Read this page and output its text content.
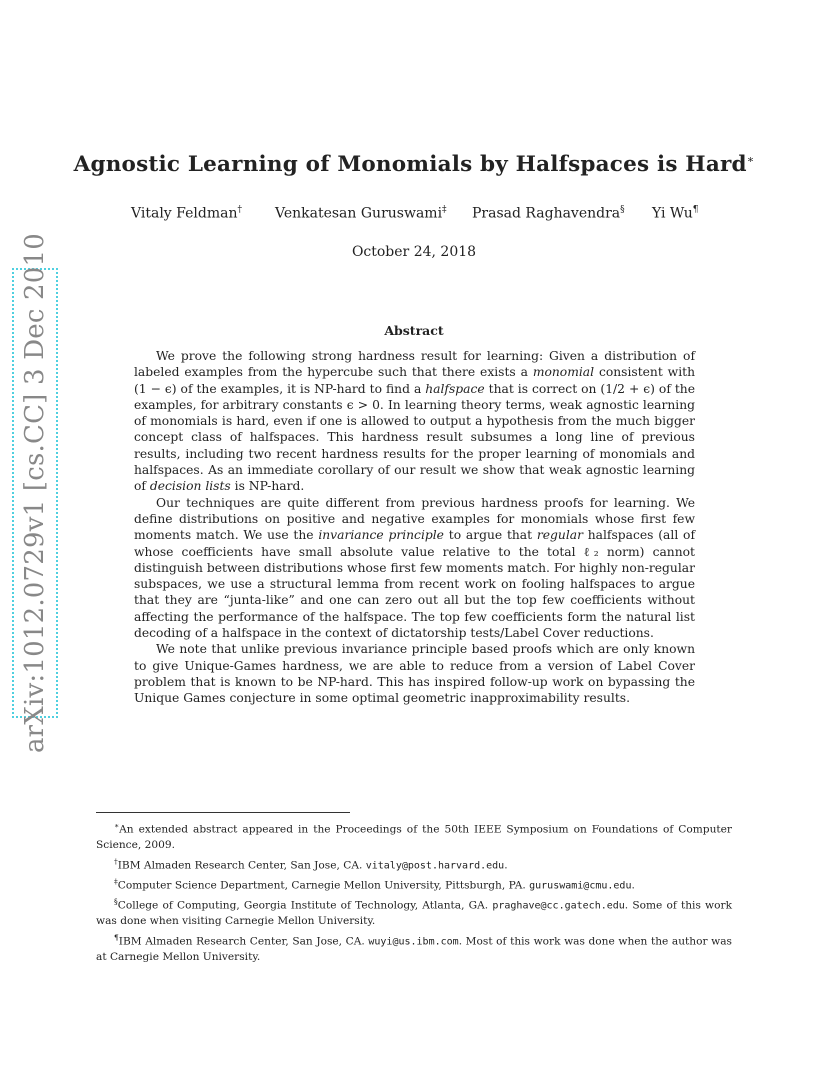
arXiv:1012.0729v1 [cs.CC] 3 Dec 2010
Agnostic Learning of Monomials by Halfspaces is Hard∗
Vitaly Feldman† Venkatesan Guruswami‡ Prasad Raghavendra§ Yi Wu¶
October 24, 2018
Abstract

We prove the following strong hardness result for learning: Given a distribution of labeled examples from the hypercube such that there exists a monomial consistent with (1 − ϵ) of the examples, it is NP-hard to find a halfspace that is correct on (1/2 + ϵ) of the examples, for arbitrary constants ϵ > 0. In learning theory terms, weak agnostic learning of monomials is hard, even if one is allowed to output a hypothesis from the much bigger concept class of halfspaces. This hardness result subsumes a long line of previous results, including two recent hardness results for the proper learning of monomials and halfspaces. As an immediate corollary of our result we show that weak agnostic learning of decision lists is NP-hard.

Our techniques are quite different from previous hardness proofs for learning. We define distributions on positive and negative examples for monomials whose first few moments match. We use the invariance principle to argue that regular halfspaces (all of whose coefficients have small absolute value relative to the total ℓ₂ norm) cannot distinguish between distributions whose first few moments match. For highly non-regular subspaces, we use a structural lemma from recent work on fooling halfspaces to argue that they are “junta-like” and one can zero out all but the top few coefficients without affecting the performance of the halfspace. The top few coefficients form the natural list decoding of a halfspace in the context of dictatorship tests/Label Cover reductions.

We note that unlike previous invariance principle based proofs which are only known to give Unique-Games hardness, we are able to reduce from a version of Label Cover problem that is known to be NP-hard. This has inspired follow-up work on bypassing the Unique Games conjecture in some optimal geometric inapproximability results.

∗An extended abstract appeared in the Proceedings of the 50th IEEE Symposium on Foundations of Computer Science, 2009.

†IBM Almaden Research Center, San Jose, CA. vitaly@post.harvard.edu.

‡Computer Science Department, Carnegie Mellon University, Pittsburgh, PA. guruswami@cmu.edu.

§College of Computing, Georgia Institute of Technology, Atlanta, GA. praghave@cc.gatech.edu. Some of this work was done when visiting Carnegie Mellon University.

¶IBM Almaden Research Center, San Jose, CA. wuyi@us.ibm.com. Most of this work was done when the author was at Carnegie Mellon University.
